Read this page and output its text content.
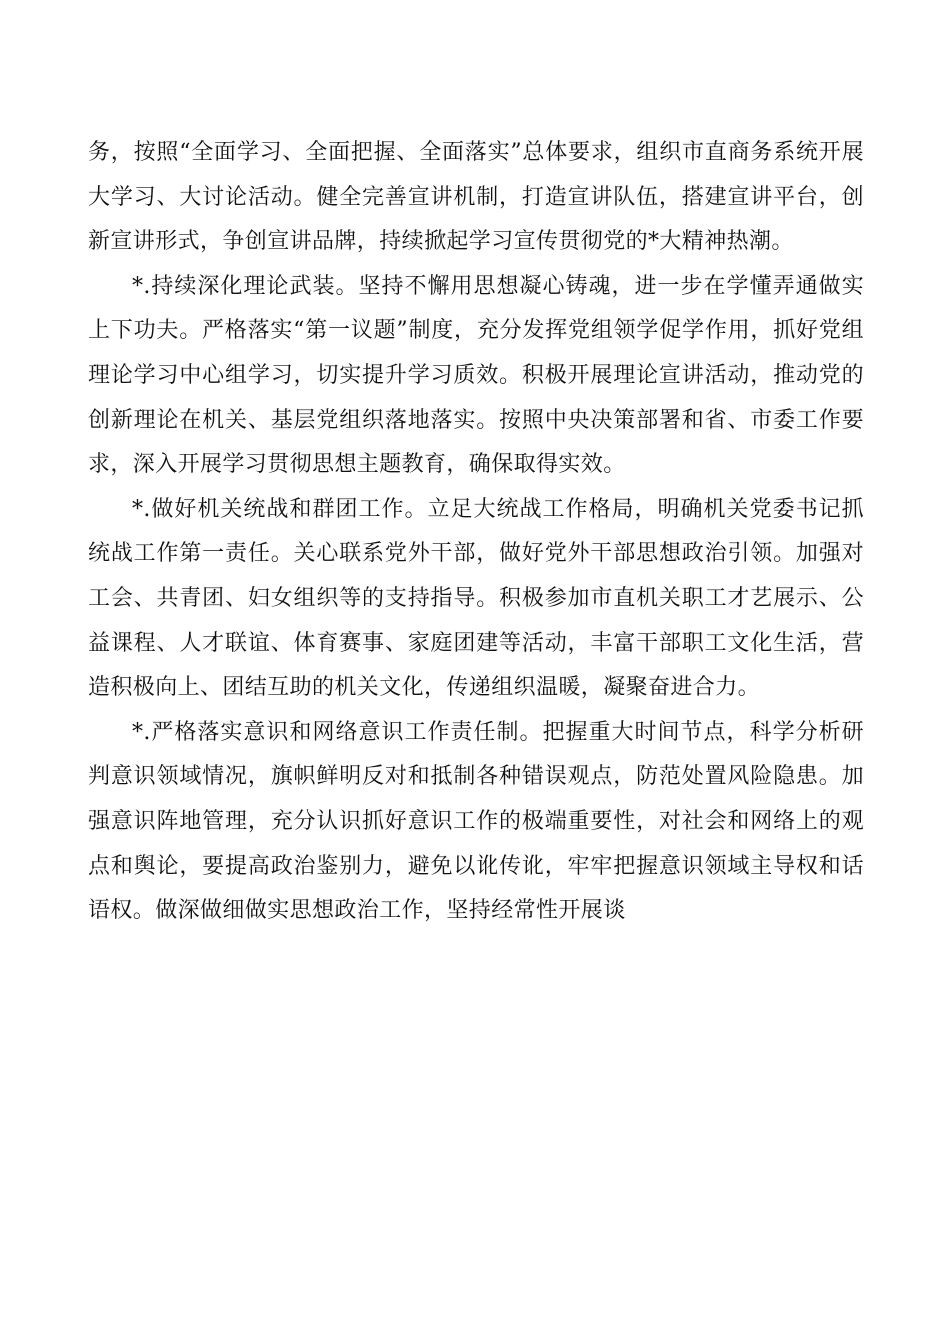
务，按照“全面学习、全面把握、全面落实”总体要求，组织市直商务系统开展大学习、大讨论活动。健全完善宣讲机制，打造宣讲队伍，搭建宣讲平台，创新宣讲形式，争创宣讲品牌，持续掀起学习宣传贯彻党的*大精神热潮。

*.持续深化理论武装。坚持不懈用思想凝心铸魂，进一步在学懂弄通做实上下功夫。严格落实“第一议题”制度，充分发挥党组领学促学作用，抓好党组理论学习中心组学习，切实提升学习质效。积极开展理论宣讲活动，推动党的创新理论在机关、基层党组织落地落实。按照中央决策部署和省、市委工作要求，深入开展学习贯彻思想主题教育，确保取得实效。

*.做好机关统战和群团工作。立足大统战工作格局，明确机关党委书记抓统战工作第一责任。关心联系党外干部，做好党外干部思想政治引领。加强对工会、共青团、妇女组织等的支持指导。积极参加市直机关职工才艺展示、公益课程、人才联谊、体育赛事、家庭团建等活动，丰富干部职工文化生活，营造积极向上、团结互助的机关文化，传递组织温暖，凝聚奋进合力。

*.严格落实意识和网络意识工作责任制。把握重大时间节点，科学分析研判意识领域情况，旗帜鲜明反对和抵制各种错误观点，防范处置风险隐患。加强意识阵地管理，充分认识抓好意识工作的极端重要性，对社会和网络上的观点和舆论，要提高政治鉴别力，避免以讹传讹，牢牢把握意识领域主导权和话语权。做深做细做实思想政治工作，坚持经常性开展谈
